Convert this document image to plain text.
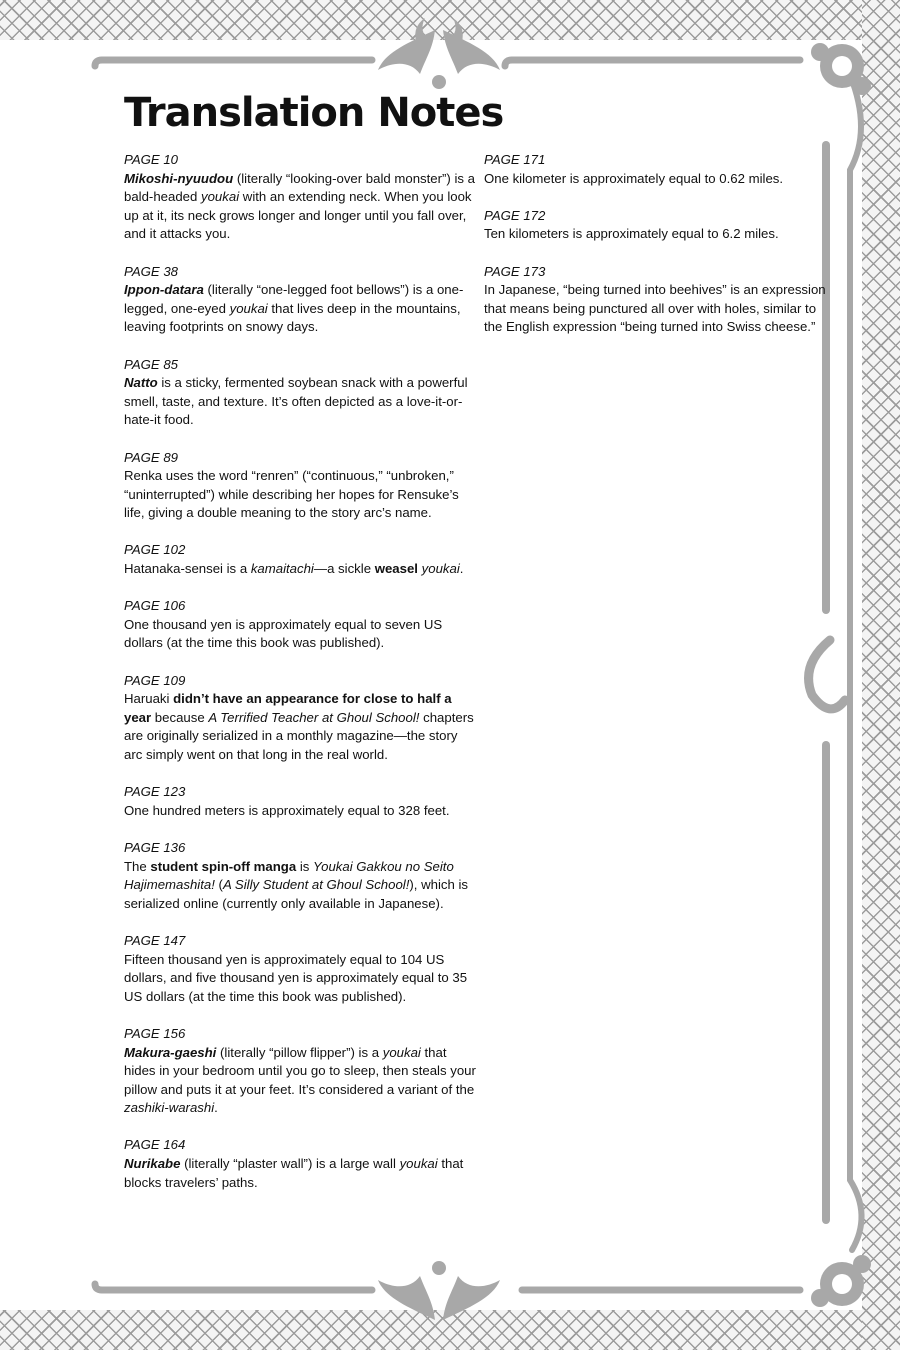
Translation Notes
PAGE 10
Mikoshi-nyuudou (literally “looking-over bald monster”) is a bald-headed youkai with an extending neck. When you look up at it, its neck grows longer and longer until you fall over, and it attacks you.
PAGE 38
Ippon-datara (literally “one-legged foot bellows”) is a one-legged, one-eyed youkai that lives deep in the mountains, leaving footprints on snowy days.
PAGE 85
Natto is a sticky, fermented soybean snack with a powerful smell, taste, and texture. It’s often depicted as a love-it-or-hate-it food.
PAGE 89
Renka uses the word “renren” (“continuous,” “unbroken,” “uninterrupted”) while describing her hopes for Rensuke’s life, giving a double meaning to the story arc’s name.
PAGE 102
Hatanaka-sensei is a kamaitachi—a sickle weasel youkai.
PAGE 106
One thousand yen is approximately equal to seven US dollars (at the time this book was published).
PAGE 109
Haruaki didn’t have an appearance for close to half a year because A Terrified Teacher at Ghoul School! chapters are originally serialized in a monthly magazine—the story arc simply went on that long in the real world.
PAGE 123
One hundred meters is approximately equal to 328 feet.
PAGE 136
The student spin-off manga is Youkai Gakkou no Seito Hajimemashita! (A Silly Student at Ghoul School!), which is serialized online (currently only available in Japanese).
PAGE 147
Fifteen thousand yen is approximately equal to 104 US dollars, and five thousand yen is approximately equal to 35 US dollars (at the time this book was published).
PAGE 156
Makura-gaeshi (literally “pillow flipper”) is a youkai that hides in your bedroom until you go to sleep, then steals your pillow and puts it at your feet. It’s considered a variant of the zashiki-warashi.
PAGE 164
Nurikabe (literally “plaster wall”) is a large wall youkai that blocks travelers’ paths.
PAGE 171
One kilometer is approximately equal to 0.62 miles.
PAGE 172
Ten kilometers is approximately equal to 6.2 miles.
PAGE 173
In Japanese, “being turned into beehives” is an expression that means being punctured all over with holes, similar to the English expression “being turned into Swiss cheese.”
